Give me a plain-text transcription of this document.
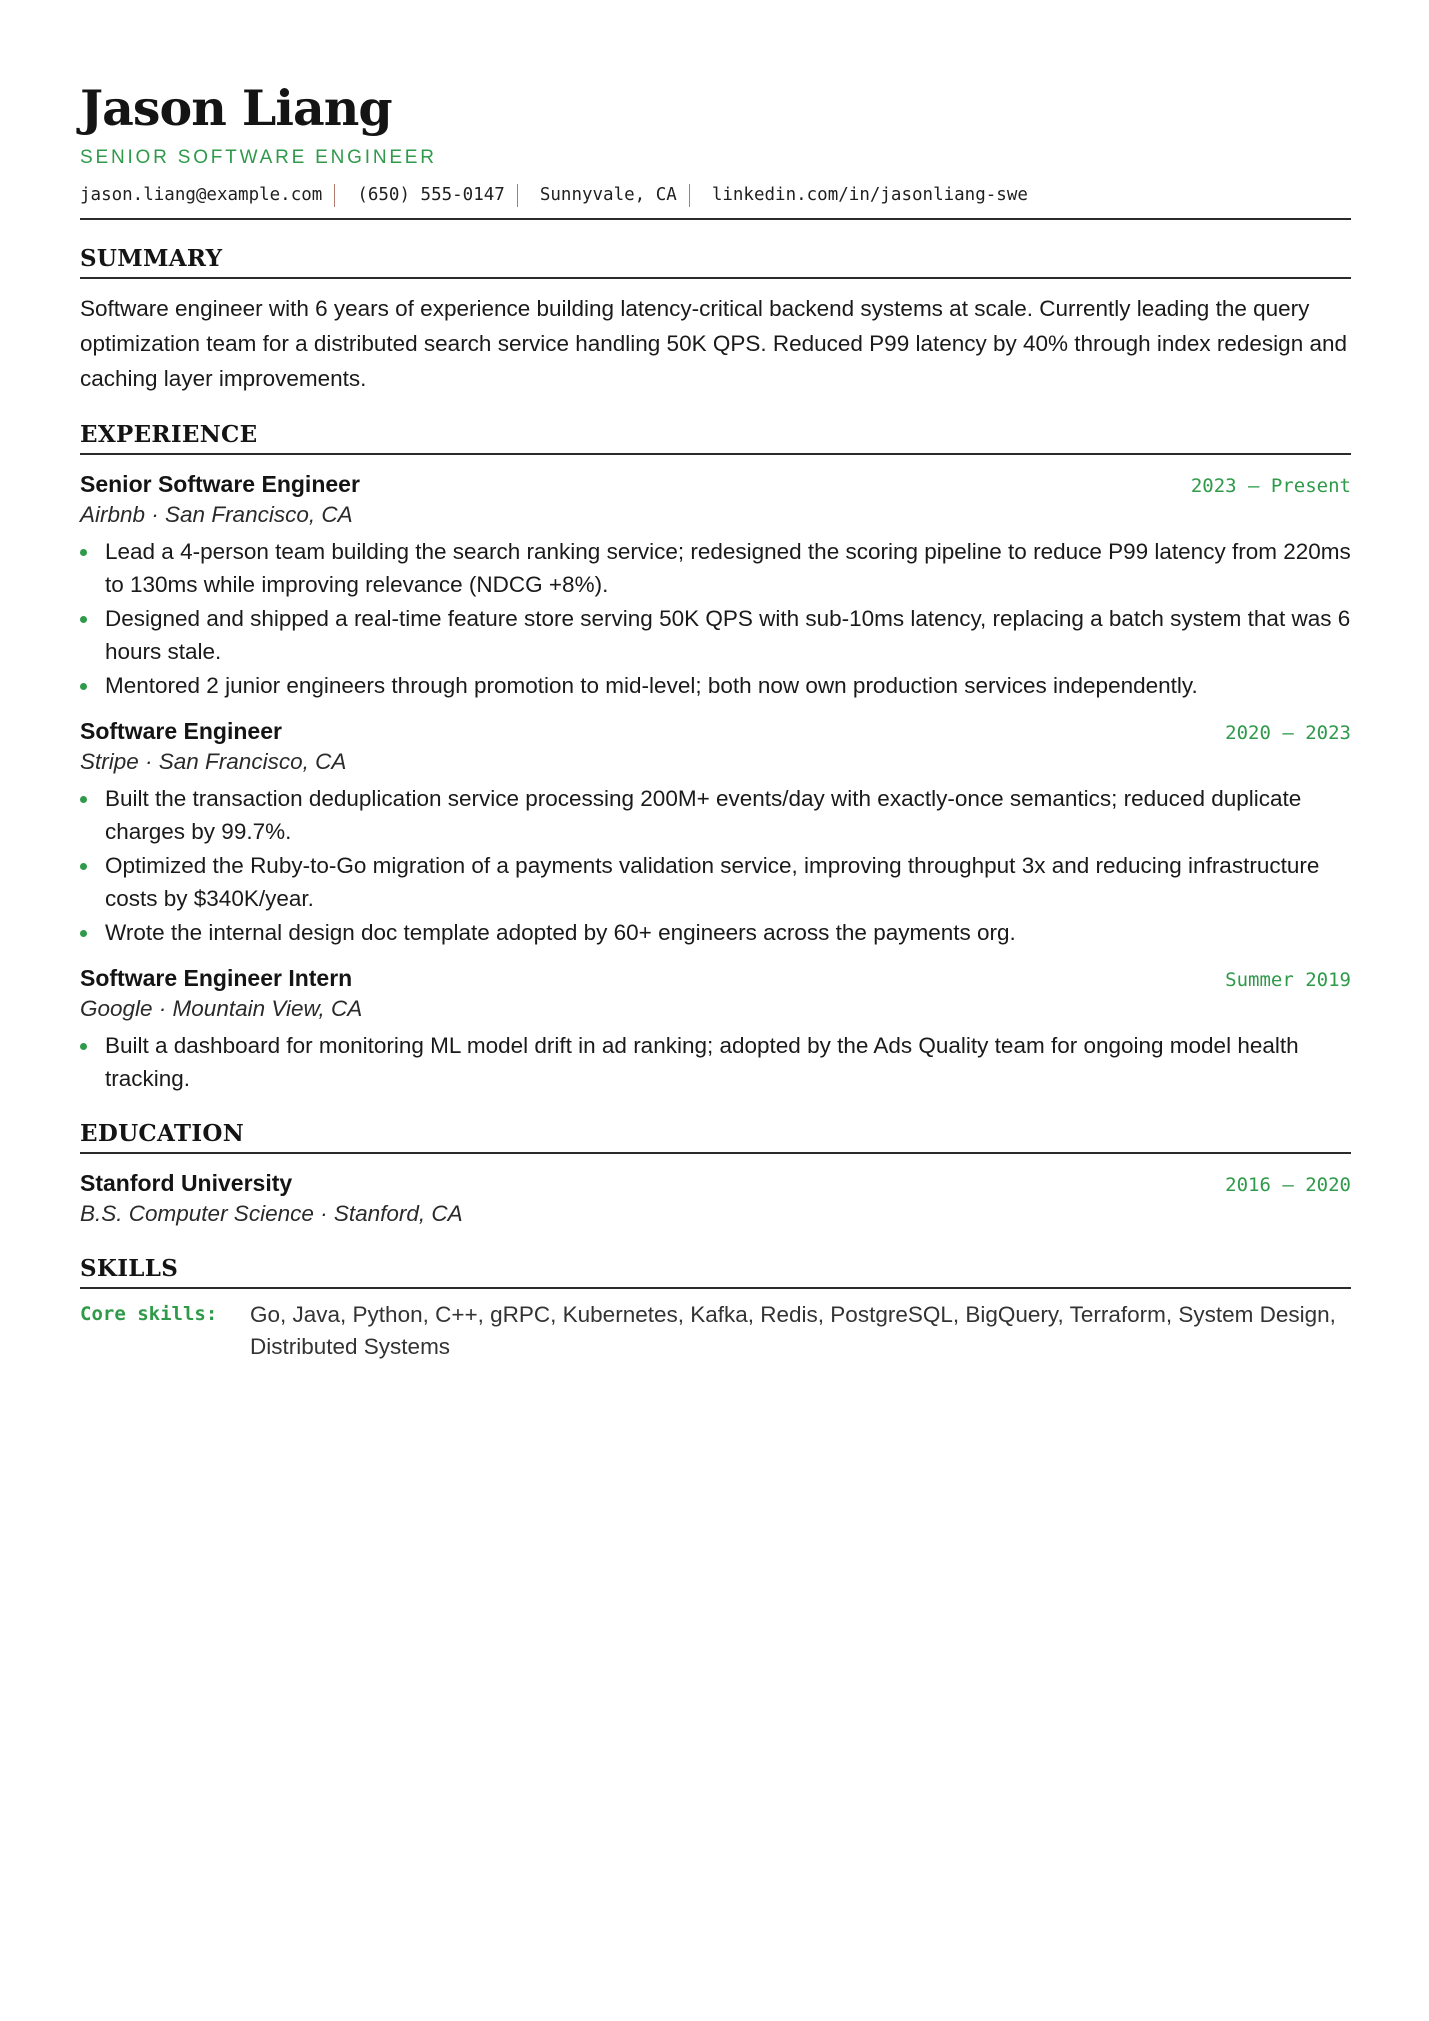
Jason Liang
SENIOR SOFTWARE ENGINEER
jason.liang@example.com (650) 555-0147 Sunnyvale, CA linkedin.com/in/jasonliang-swe
SUMMARY
Software engineer with 6 years of experience building latency-critical backend systems at scale. Currently leading the query optimization team for a distributed search service handling 50K QPS. Reduced P99 latency by 40% through index redesign and caching layer improvements.
EXPERIENCE
Senior Software Engineer	2023 – Present
Airbnb · San Francisco, CA
Lead a 4-person team building the search ranking service; redesigned the scoring pipeline to reduce P99 latency from 220ms to 130ms while improving relevance (NDCG +8%).
Designed and shipped a real-time feature store serving 50K QPS with sub-10ms latency, replacing a batch system that was 6 hours stale.
Mentored 2 junior engineers through promotion to mid-level; both now own production services independently.
Software Engineer	2020 – 2023
Stripe · San Francisco, CA
Built the transaction deduplication service processing 200M+ events/day with exactly-once semantics; reduced duplicate charges by 99.7%.
Optimized the Ruby-to-Go migration of a payments validation service, improving throughput 3x and reducing infrastructure costs by $340K/year.
Wrote the internal design doc template adopted by 60+ engineers across the payments org.
Software Engineer Intern	Summer 2019
Google · Mountain View, CA
Built a dashboard for monitoring ML model drift in ad ranking; adopted by the Ads Quality team for ongoing model health tracking.
EDUCATION
Stanford University	2016 – 2020
B.S. Computer Science · Stanford, CA
SKILLS
Core skills:	Go, Java, Python, C++, gRPC, Kubernetes, Kafka, Redis, PostgreSQL, BigQuery, Terraform, System Design, Distributed Systems
